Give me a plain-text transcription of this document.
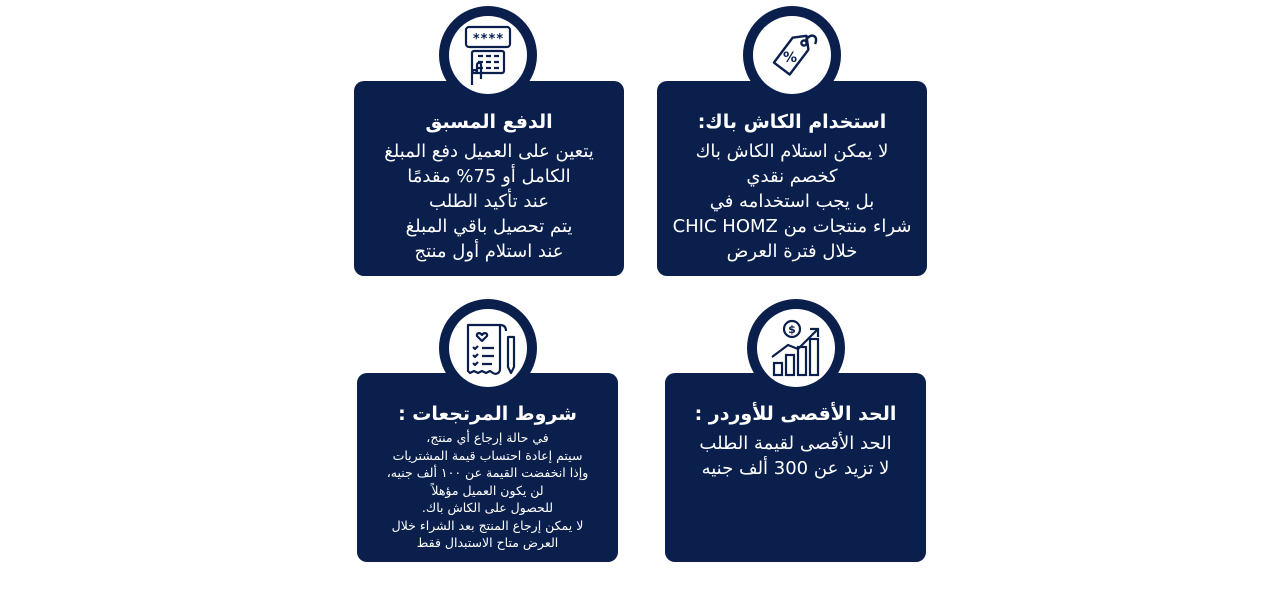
استخدام الكاش باك:
لا يمكن استلام الكاش باك
كخصم نقدي
بل يجب استخدامه في
شراء منتجات من CHIC HOMZ
خلال فترة العرض
%
الدفع المسبق
يتعين على العميل دفع المبلغ
الكامل أو 75% مقدمًا
عند تأكيد الطلب
يتم تحصيل باقي المبلغ
عند استلام أول منتج
****
الحد الأقصى للأوردر :
الحد الأقصى لقيمة الطلب
لا تزيد عن 300 ألف جنيه
$
شروط المرتجعات :
في حالة إرجاع أي منتج،
سيتم إعادة احتساب قيمة المشتريات
وإذا انخفضت القيمة عن ١٠٠ ألف جنيه،
لن يكون العميل مؤهلاً
للحصول على الكاش باك.
لا يمكن إرجاع المنتج بعد الشراء خلال
العرض متاح الاستبدال فقط
